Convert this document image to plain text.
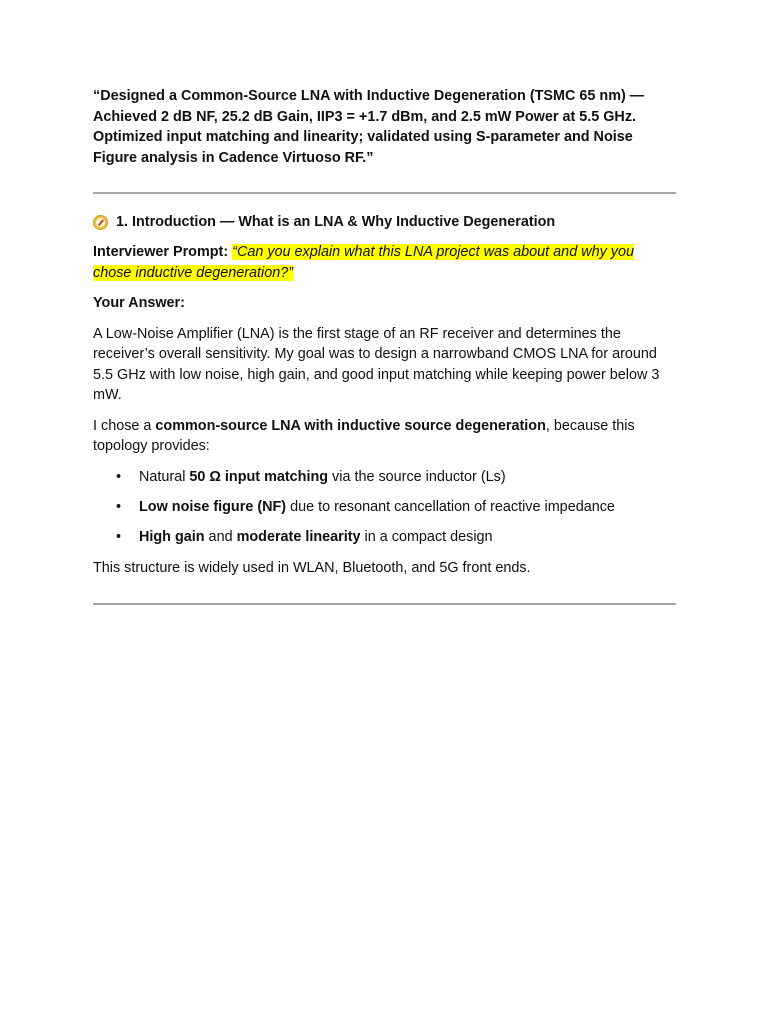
“Designed a Common-Source LNA with Inductive Degeneration (TSMC 65 nm) — Achieved 2 dB NF, 25.2 dB Gain, IIP3 = +1.7 dBm, and 2.5 mW Power at 5.5 GHz. Optimized input matching and linearity; validated using S-parameter and Noise Figure analysis in Cadence Virtuoso RF.”

1. Introduction — What is an LNA & Why Inductive Degeneration

Interviewer Prompt: “Can you explain what this LNA project was about and why you chose inductive degeneration?”

Your Answer:

A Low-Noise Amplifier (LNA) is the first stage of an RF receiver and determines the receiver’s overall sensitivity. My goal was to design a narrowband CMOS LNA for around 5.5 GHz with low noise, high gain, and good input matching while keeping power below 3 mW.

I chose a common-source LNA with inductive source degeneration, because this topology provides:

• Natural 50 Ω input matching via the source inductor (Ls)
• Low noise figure (NF) due to resonant cancellation of reactive impedance
• High gain and moderate linearity in a compact design

This structure is widely used in WLAN, Bluetooth, and 5G front ends.
